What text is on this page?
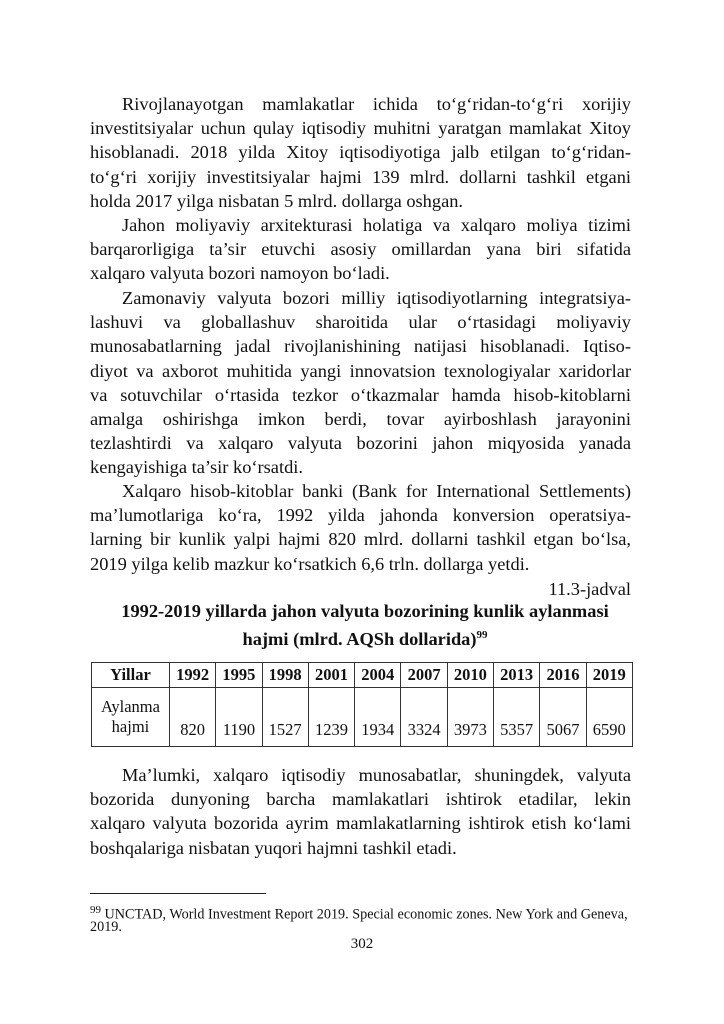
Rivojlanayotgan mamlakatlar ichida to‘g‘ridan-to‘g‘ri xorijiy
investitsiyalar uchun qulay iqtisodiy muhitni yaratgan mamlakat Xitoy
hisoblanadi. 2018 yilda Xitoy iqtisodiyotiga jalb etilgan to‘g‘ridan-
to‘g‘ri xorijiy investitsiyalar hajmi 139 mlrd. dollarni tashkil etgani
holda 2017 yilga nisbatan 5 mlrd. dollarga oshgan.
Jahon moliyaviy arxitekturasi holatiga va xalqaro moliya tizimi
barqarorligiga ta’sir etuvchi asosiy omillardan yana biri sifatida
xalqaro valyuta bozori namoyon bo‘ladi.
Zamonaviy valyuta bozori milliy iqtisodiyotlarning integratsiya-
lashuvi va globallashuv sharoitida ular o‘rtasidagi moliyaviy
munosabatlarning jadal rivojlanishining natijasi hisoblanadi. Iqtiso-
diyot va axborot muhitida yangi innovatsion texnologiyalar xaridorlar
va sotuvchilar o‘rtasida tezkor o‘tkazmalar hamda hisob-kitoblarni
amalga oshirishga imkon berdi, tovar ayirboshlash jarayonini
tezlashtirdi va xalqaro valyuta bozorini jahon miqyosida yanada
kengayishiga ta’sir ko‘rsatdi.
Xalqaro hisob-kitoblar banki (Bank for International Settlements)
ma’lumotlariga ko‘ra, 1992 yilda jahonda konversion operatsiya-
larning bir kunlik yalpi hajmi 820 mlrd. dollarni tashkil etgan bo‘lsa,
2019 yilga kelib mazkur ko‘rsatkich 6,6 trln. dollarga yetdi.
Ma’lumki, xalqaro iqtisodiy munosabatlar, shuningdek, valyuta
bozorida dunyoning barcha mamlakatlari ishtirok etadilar, lekin
xalqaro valyuta bozorida ayrim mamlakatlarning ishtirok etish ko‘lami
boshqalariga nisbatan yuqori hajmni tashkil etadi.
11.3-jadval
1992-2019 yillarda jahon valyuta bozorining kunlik aylanmasi
hajmi (mlrd. AQSh dollarida)$^{99}$
Yillar	1992	1995	1998	2001	2004	2007	2010	2013	2016	2019
Aylanma
hajmi	820	1190	1527	1239	1934	3324	3973	5357	5067	6590
$^{99}$ UNCTAD, World Investment Report 2019. Special economic zones. New York and Geneva,
2019.
302
